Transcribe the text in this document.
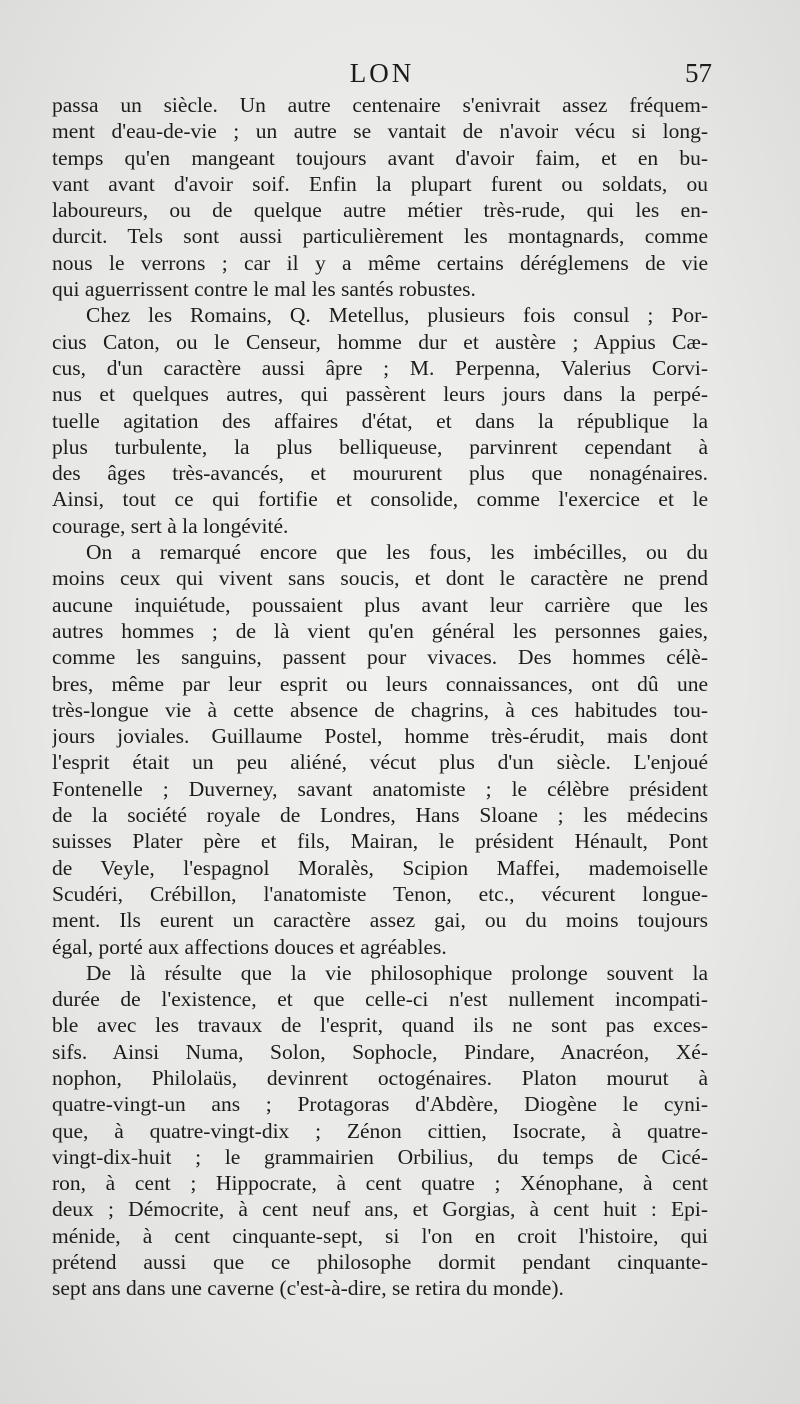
LON	57
passa un siècle. Un autre centenaire s'enivrait assez fréquem-
ment d'eau-de-vie ; un autre se vantait de n'avoir vécu si long-
temps qu'en mangeant toujours avant d'avoir faim, et en bu-
vant avant d'avoir soif. Enfin la plupart furent ou soldats, ou
laboureurs, ou de quelque autre métier très-rude, qui les en-
durcit. Tels sont aussi particulièrement les montagnards, comme
nous le verrons ; car il y a même certains déréglemens de vie
qui aguerrissent contre le mal les santés robustes.
Chez les Romains, Q. Metellus, plusieurs fois consul ; Por-
cius Caton, ou le Censeur, homme dur et austère ; Appius Cæ-
cus, d'un caractère aussi âpre ; M. Perpenna, Valerius Corvi-
nus et quelques autres, qui passèrent leurs jours dans la perpé-
tuelle agitation des affaires d'état, et dans la république la
plus turbulente, la plus belliqueuse, parvinrent cependant à
des âges très-avancés, et moururent plus que nonagénaires.
Ainsi, tout ce qui fortifie et consolide, comme l'exercice et le
courage, sert à la longévité.
On a remarqué encore que les fous, les imbécilles, ou du
moins ceux qui vivent sans soucis, et dont le caractère ne prend
aucune inquiétude, poussaient plus avant leur carrière que les
autres hommes ; de là vient qu'en général les personnes gaies,
comme les sanguins, passent pour vivaces. Des hommes célè-
bres, même par leur esprit ou leurs connaissances, ont dû une
très-longue vie à cette absence de chagrins, à ces habitudes tou-
jours joviales. Guillaume Postel, homme très-érudit, mais dont
l'esprit était un peu aliéné, vécut plus d'un siècle. L'enjoué
Fontenelle ; Duverney, savant anatomiste ; le célèbre président
de la société royale de Londres, Hans Sloane ; les médecins
suisses Plater père et fils, Mairan, le président Hénault, Pont
de Veyle, l'espagnol Moralès, Scipion Maffei, mademoiselle
Scudéri, Crébillon, l'anatomiste Tenon, etc., vécurent longue-
ment. Ils eurent un caractère assez gai, ou du moins toujours
égal, porté aux affections douces et agréables.
De là résulte que la vie philosophique prolonge souvent la
durée de l'existence, et que celle-ci n'est nullement incompati-
ble avec les travaux de l'esprit, quand ils ne sont pas exces-
sifs. Ainsi Numa, Solon, Sophocle, Pindare, Anacréon, Xé-
nophon, Philolaüs, devinrent octogénaires. Platon mourut à
quatre-vingt-un ans ; Protagoras d'Abdère, Diogène le cyni-
que, à quatre-vingt-dix ; Zénon cittien, Isocrate, à quatre-
vingt-dix-huit ; le grammairien Orbilius, du temps de Cicé-
ron, à cent ; Hippocrate, à cent quatre ; Xénophane, à cent
deux ; Démocrite, à cent neuf ans, et Gorgias, à cent huit : Epi-
ménide, à cent cinquante-sept, si l'on en croit l'histoire, qui
prétend aussi que ce philosophe dormit pendant cinquante-
sept ans dans une caverne (c'est-à-dire, se retira du monde).
